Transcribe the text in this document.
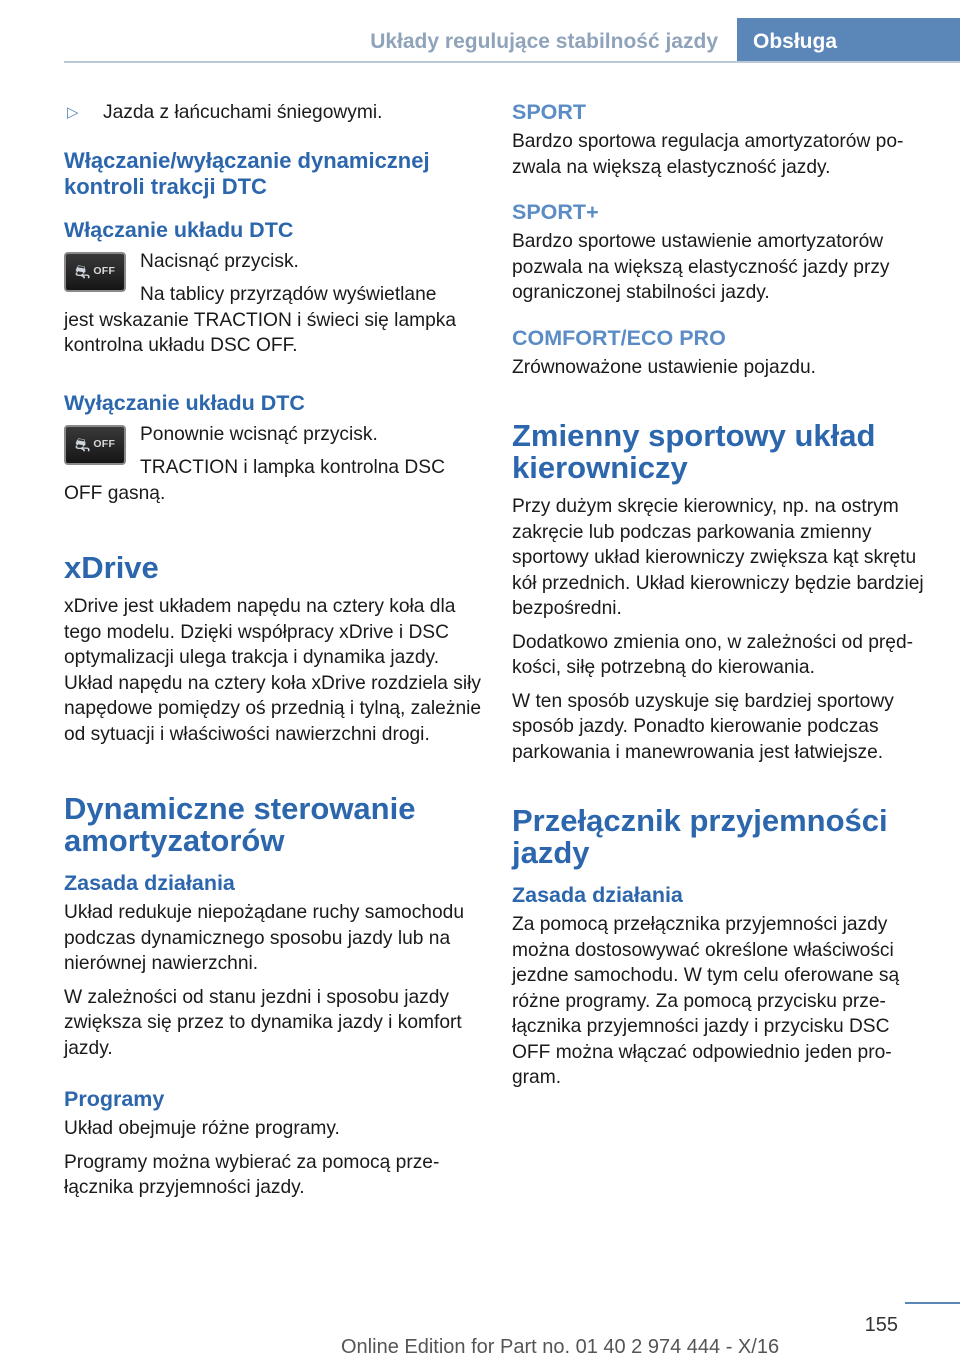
Układy regulujące stabilność jazdy	Obsługa
▷	Jazda z łańcuchami śniegowymi.
Włączanie/wyłączanie dynamicznej kontroli trakcji DTC
Włączanie układu DTC
⛐ OFF Nacisnąć przycisk.

Na tablicy przyrządów wyświetlane

jest wskazanie TRACTION i świeci się lampka kontrolna układu DSC OFF.

Wyłączanie układu DTC
⛐ OFF Ponownie wcisnąć przycisk.

TRACTION i lampka kontrolna DSC

OFF gasną.

xDrive

xDrive jest układem napędu na cztery koła dla tego modelu. Dzięki współpracy xDrive i DSC optymalizacji ulega trakcja i dynamika jazdy. Układ napędu na cztery koła xDrive rozdziela siły napędowe pomiędzy oś przednią i tylną, zależnie od sytuacji i właściwości nawierzchni drogi.

Dynamiczne sterowanie amortyzatorów
Zasada działania

Układ redukuje niepożądane ruchy samochodu podczas dynamicznego sposobu jazdy lub na nierównej nawierzchni.

W zależności od stanu jezdni i sposobu jazdy zwiększa się przez to dynamika jazdy i komfort jazdy.

Programy

Układ obejmuje różne programy.

Programy można wybierać za pomocą prze- łącznika przyjemności jazdy.

SPORT

Bardzo sportowa regulacja amortyzatorów po- zwala na większą elastyczność jazdy.

SPORT+

Bardzo sportowe ustawienie amortyzatorów pozwala na większą elastyczność jazdy przy ograniczonej stabilności jazdy.

COMFORT/ECO PRO

Zrównoważone ustawienie pojazdu.

Zmienny sportowy układ kierowniczy

Przy dużym skręcie kierownicy, np. na ostrym zakręcie lub podczas parkowania zmienny sportowy układ kierowniczy zwiększa kąt skrętu kół przednich. Układ kierowniczy będzie bardziej bezpośredni.

Dodatkowo zmienia ono, w zależności od pręd- kości, siłę potrzebną do kierowania.

W ten sposób uzyskuje się bardziej sportowy sposób jazdy. Ponadto kierowanie podczas parkowania i manewrowania jest łatwiejsze.

Przełącznik przyjemności jazdy
Zasada działania

Za pomocą przełącznika przyjemności jazdy można dostosowywać określone właściwości jezdne samochodu. W tym celu oferowane są różne programy. Za pomocą przycisku prze- łącznika przyjemności jazdy i przycisku DSC OFF można włączać odpowiednio jeden pro- gram.

155
Online Edition for Part no. 01 40 2 974 444 - X/16
